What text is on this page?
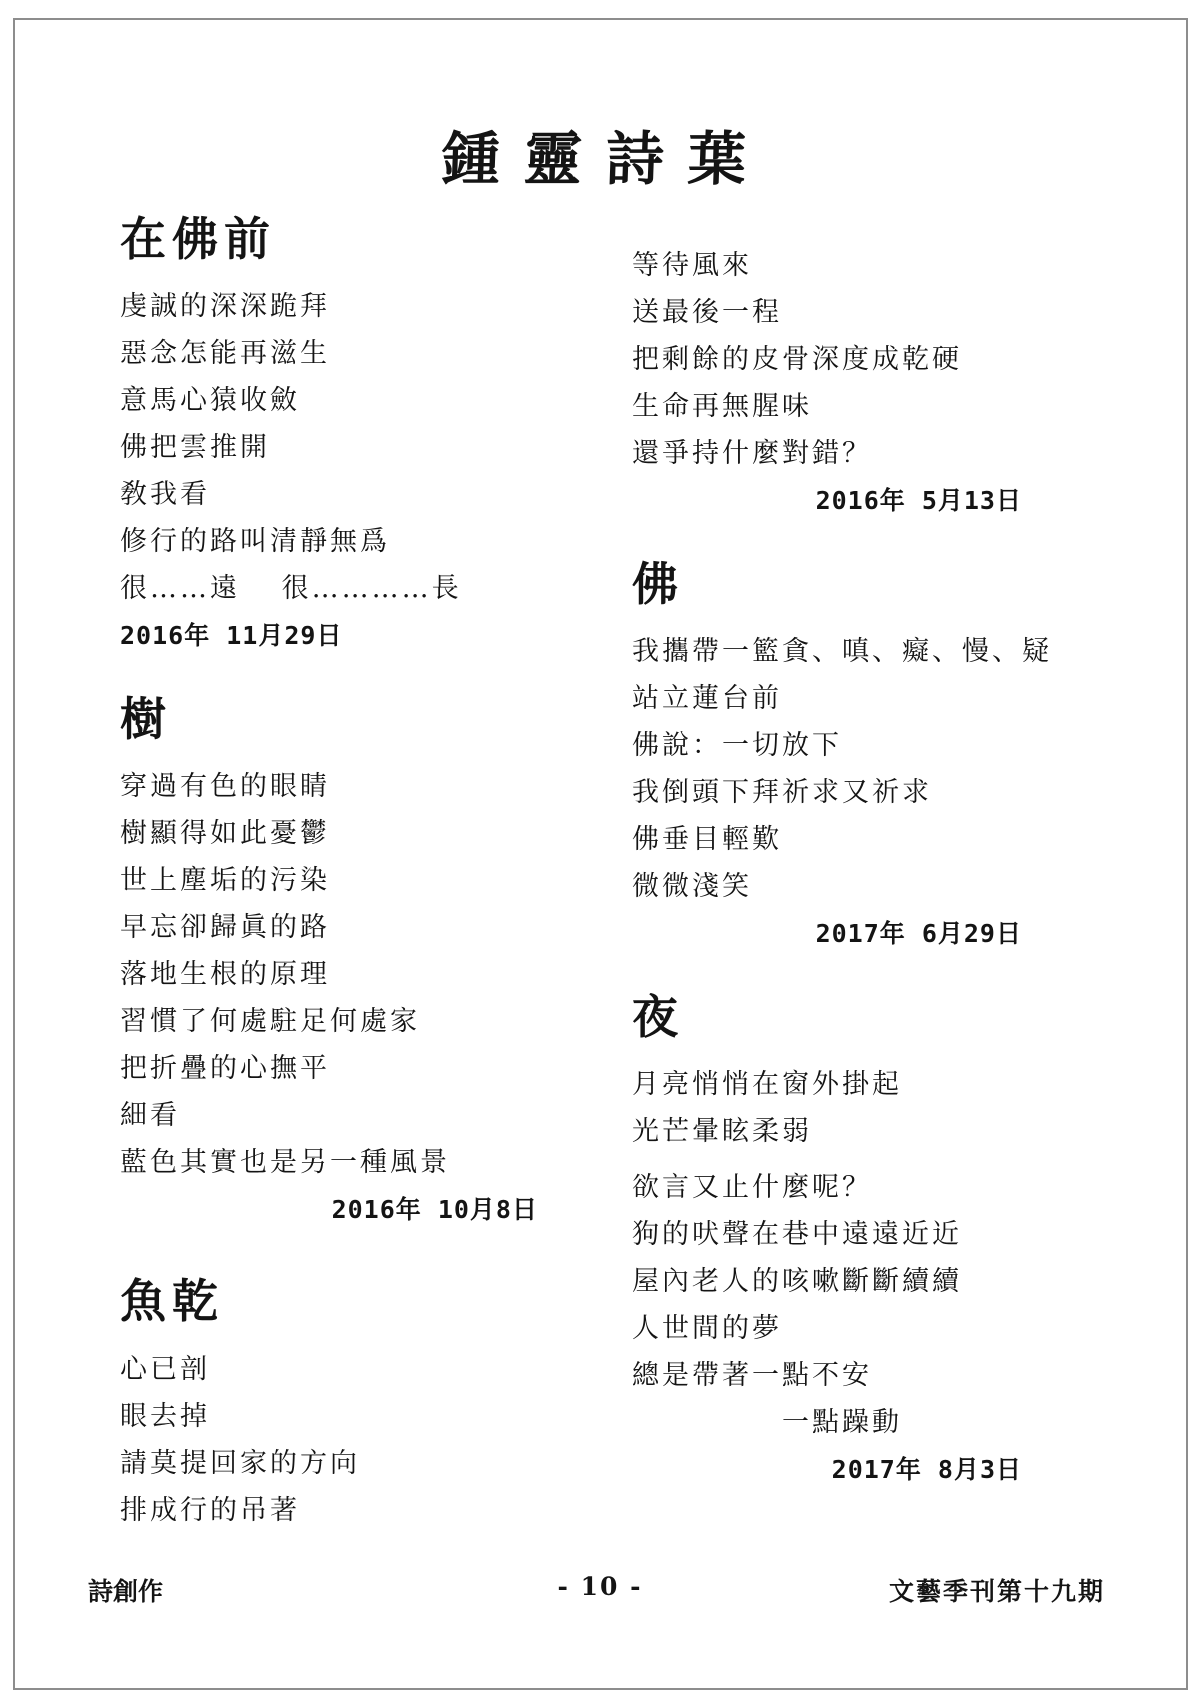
鍾靈詩葉
在佛前

虔誠的深深跪拜

惡念怎能再滋生

意馬心猿收斂

佛把雲推開

敎我看

修行的路叫清靜無爲

很……遠　 很…………長

2016年 11月29日

樹

穿過有色的眼睛

樹顯得如此憂鬱

世上塵垢的污染

早忘卻歸眞的路

落地生根的原理

習慣了何處駐足何處家

把折疊的心撫平

細看

藍色其實也是另一種風景

2016年 10月8日

魚乾

心已剖

眼去掉

請莫提回家的方向

排成行的吊著

等待風來

送最後一程

把剩餘的皮骨深度成乾硬

生命再無腥味

還爭持什麼對錯？

2016年 5月13日

佛

我攜帶一籃貪、嗔、癡、慢、疑

站立蓮台前

佛說：一切放下

我倒頭下拜祈求又祈求

佛垂目輕歎

微微淺笑

2017年 6月29日

夜

月亮悄悄在窗外掛起

光芒暈眩柔弱

欲言又止什麼呢？

狗的吠聲在巷中遠遠近近

屋內老人的咳嗽斷斷續續

人世間的夢

總是帶著一點不安

一點躁動

2017年 8月3日

詩創作	- 10 -	文藝季刊第十九期
